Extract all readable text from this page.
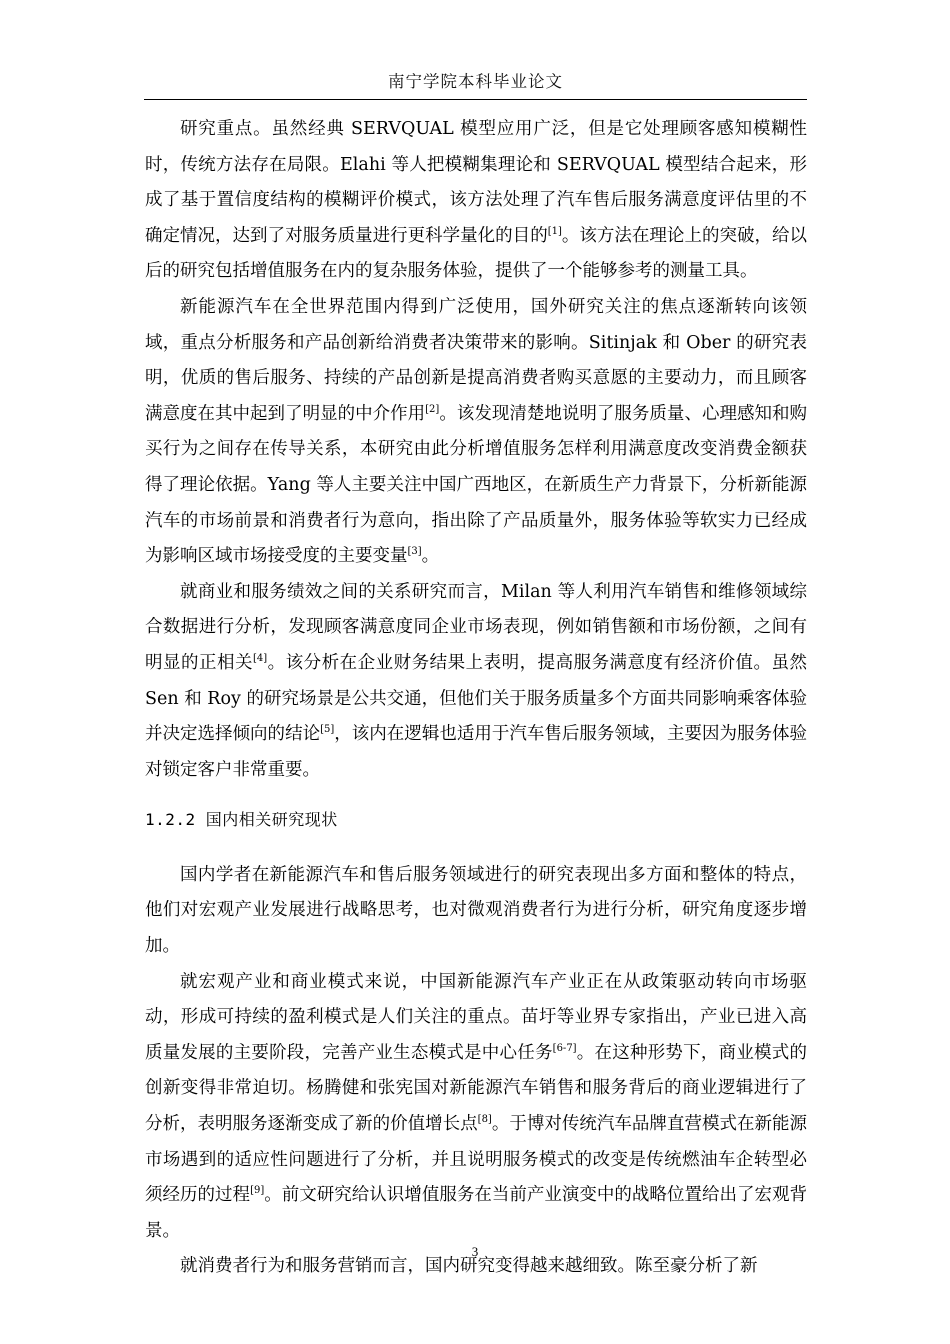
南宁学院本科毕业论文

研究重点。虽然经典 SERVQUAL 模型应用广泛，但是它处理顾客感知模糊性时，传统方法存在局限。Elahi 等人把模糊集理论和 SERVQUAL 模型结合起来，形成了基于置信度结构的模糊评价模式，该方法处理了汽车售后服务满意度评估里的不确定情况，达到了对服务质量进行更科学量化的目的[1]。该方法在理论上的突破，给以后的研究包括增值服务在内的复杂服务体验，提供了一个能够参考的测量工具。

新能源汽车在全世界范围内得到广泛使用，国外研究关注的焦点逐渐转向该领域，重点分析服务和产品创新给消费者决策带来的影响。Sitinjak 和 Ober 的研究表明，优质的售后服务、持续的产品创新是提高消费者购买意愿的主要动力，而且顾客满意度在其中起到了明显的中介作用[2]。该发现清楚地说明了服务质量、心理感知和购买行为之间存在传导关系，本研究由此分析增值服务怎样利用满意度改变消费金额获得了理论依据。Yang 等人主要关注中国广西地区，在新质生产力背景下，分析新能源汽车的市场前景和消费者行为意向，指出除了产品质量外，服务体验等软实力已经成为影响区域市场接受度的主要变量[3]。

就商业和服务绩效之间的关系研究而言，Milan 等人利用汽车销售和维修领域综合数据进行分析，发现顾客满意度同企业市场表现，例如销售额和市场份额，之间有明显的正相关[4]。该分析在企业财务结果上表明，提高服务满意度有经济价值。虽然 Sen 和 Roy 的研究场景是公共交通，但他们关于服务质量多个方面共同影响乘客体验并决定选择倾向的结论[5]，该内在逻辑也适用于汽车售后服务领域，主要因为服务体验对锁定客户非常重要。

1.2.2 国内相关研究现状

国内学者在新能源汽车和售后服务领域进行的研究表现出多方面和整体的特点，他们对宏观产业发展进行战略思考，也对微观消费者行为进行分析，研究角度逐步增加。

就宏观产业和商业模式来说，中国新能源汽车产业正在从政策驱动转向市场驱动，形成可持续的盈利模式是人们关注的重点。苗圩等业界专家指出，产业已进入高质量发展的主要阶段，完善产业生态模式是中心任务[6-7]。在这种形势下，商业模式的创新变得非常迫切。杨腾健和张宪国对新能源汽车销售和服务背后的商业逻辑进行了分析，表明服务逐渐变成了新的价值增长点[8]。于博对传统汽车品牌直营模式在新能源市场遇到的适应性问题进行了分析，并且说明服务模式的改变是传统燃油车企转型必须经历的过程[9]。前文研究给认识增值服务在当前产业演变中的战略位置给出了宏观背景。

就消费者行为和服务营销而言，国内研究变得越来越细致。陈至豪分析了新

3
